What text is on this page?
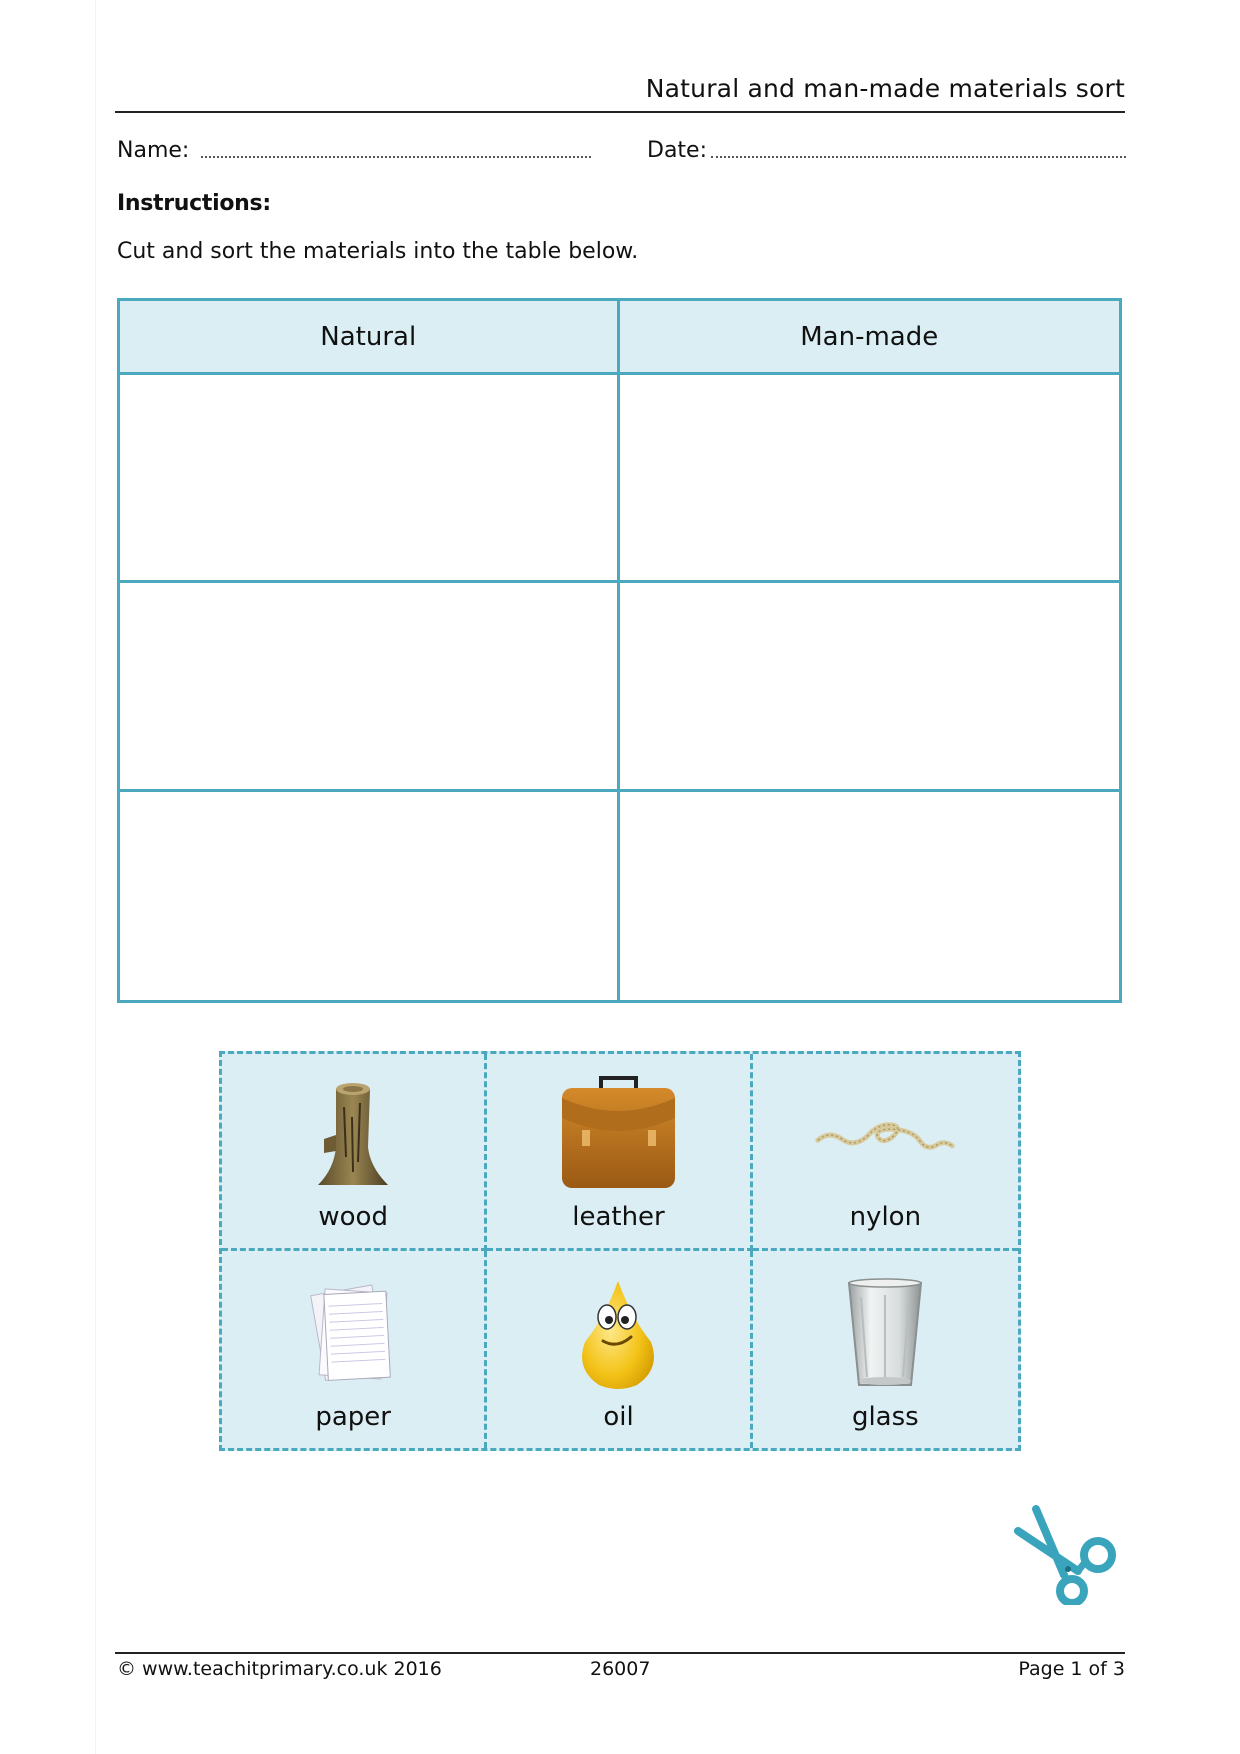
Natural and man-made materials sort
Name:	Date:
Instructions:
Cut and sort the materials into the table below.
Natural	Man-made
wood	leather	nylon
paper	oil	glass
© www.teachitprimary.co.uk 2016	26007	Page 1 of 3
